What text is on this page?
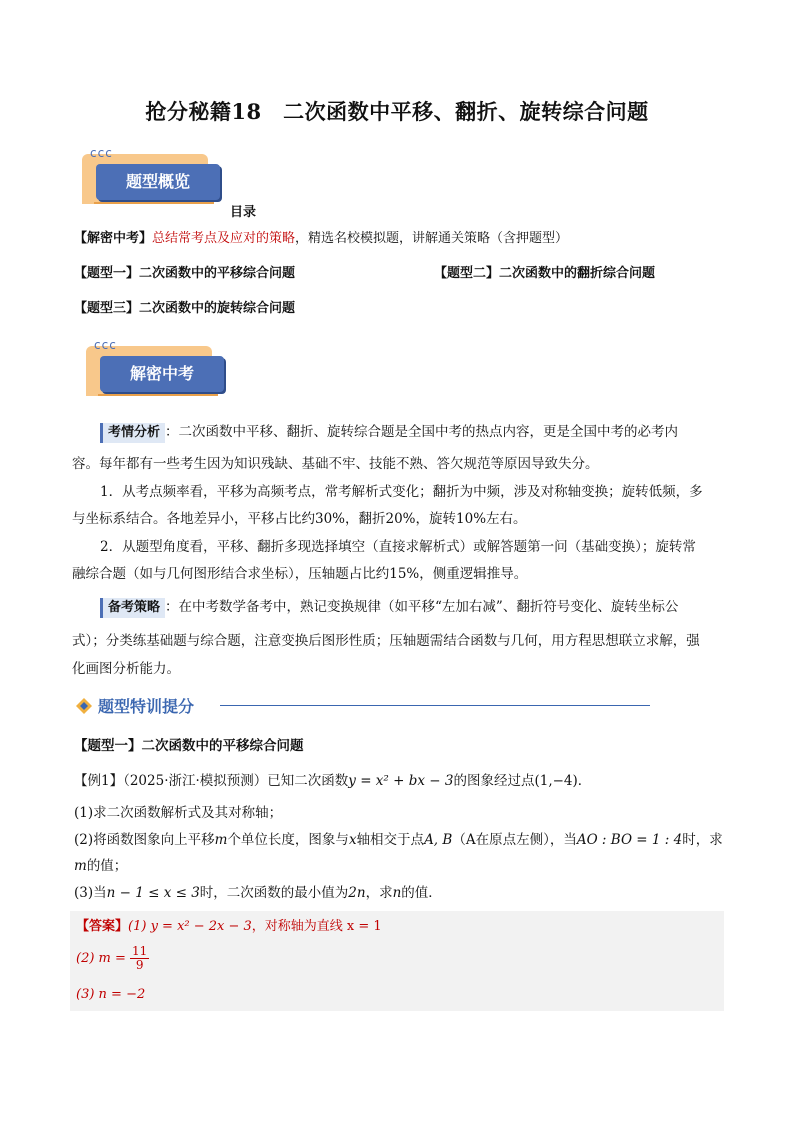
抢分秘籍18　二次函数中平移、翻折、旋转综合问题
ccc
题型概览
目录
【解密中考】总结常考点及应对的策略，精选名校模拟题，讲解通关策略（含押题型）
【题型一】二次函数中的平移综合问题	【题型二】二次函数中的翻折综合问题
【题型三】二次函数中的旋转综合问题
ccc
解密中考
考情分析 ：二次函数中平移、翻折、旋转综合题是全国中考的热点内容，更是全国中考的必考内
容。每年都有一些考生因为知识残缺、基础不牢、技能不熟、答欠规范等原因导致失分。
1．从考点频率看，平移为高频考点，常考解析式变化；翻折为中频，涉及对称轴变换；旋转低频，多
与坐标系结合。各地差异小，平移占比约30%，翻折20%，旋转10%左右。
2．从题型角度看，平移、翻折多现选择填空（直接求解析式）或解答题第一问（基础变换）；旋转常
融综合题（如与几何图形结合求坐标），压轴题占比约15%，侧重逻辑推导。
备考策略 ：在中考数学备考中，熟记变换规律（如平移“左加右减”、翻折符号变化、旋转坐标公
式）；分类练基础题与综合题，注意变换后图形性质；压轴题需结合函数与几何，用方程思想联立求解，强
化画图分析能力。
题型特训提分
【题型一】二次函数中的平移综合问题
【例1】（2025·浙江·模拟预测）已知二次函数y = x² + bx − 3的图象经过点(1,−4)．
(1)求二次函数解析式及其对称轴；
(2)将函数图象向上平移m个单位长度，图象与x轴相交于点A, B（A在原点左侧），当AO : BO = 1 : 4时，求
m的值；
(3)当n − 1 ≤ x ≤ 3时，二次函数的最小值为2n，求n的值．
【答案】(1) y = x² − 2x − 3，对称轴为直线 x = 1
(2) $m = \frac{11}{9}$
(3) n = −2
